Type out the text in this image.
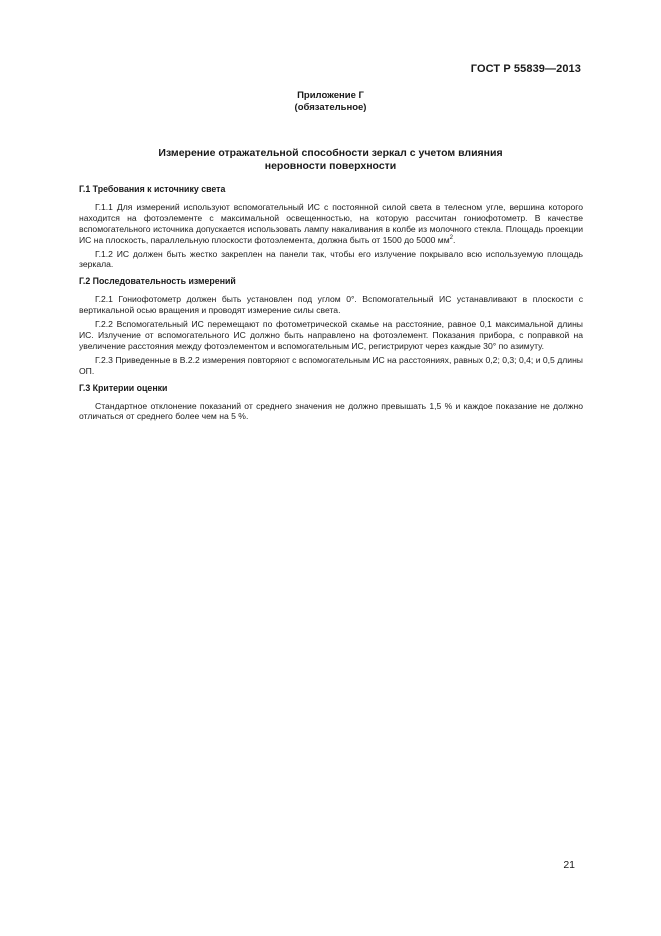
ГОСТ Р 55839—2013
Приложение Г
(обязательное)
Измерение отражательной способности зеркал с учетом влияния
неровности поверхности
Г.1 Требования к источнику света

Г.1.1 Для измерений используют вспомогательный ИС с постоянной силой света в телесном угле, вершина которого находится на фотоэлементе с максимальной освещенностью, на которую рассчитан гониофотометр. В качестве вспомогательного источника допускается использовать лампу накаливания в колбе из молочного стекла. Площадь проекции ИС на плоскость, параллельную плоскости фотоэлемента, должна быть от 1500 до 5000 $мм^2$.

Г.1.2 ИС должен быть жестко закреплен на панели так, чтобы его излучение покрывало всю используемую площадь зеркала.

Г.2 Последовательность измерений

Г.2.1 Гониофотометр должен быть установлен под углом 0°. Вспомогательный ИС устанавливают в плоскости с вертикальной осью вращения и проводят измерение силы света.

Г.2.2 Вспомогательный ИС перемещают по фотометрической скамье на расстояние, равное 0,1 максимальной длины ИС. Излучение от вспомогательного ИС должно быть направлено на фотоэлемент. Показания прибора, с поправкой на увеличение расстояния между фотоэлементом и вспомогательным ИС, регистрируют через каждые 30° по азимуту.

Г.2.3 Приведенные в В.2.2 измерения повторяют с вспомогательным ИС на расстояниях, равных 0,2; 0,3; 0,4; и 0,5 длины ОП.

Г.3 Критерии оценки

Стандартное отклонение показаний от среднего значения не должно превышать 1,5 % и каждое показание не должно отличаться от среднего более чем на 5 %.

21
